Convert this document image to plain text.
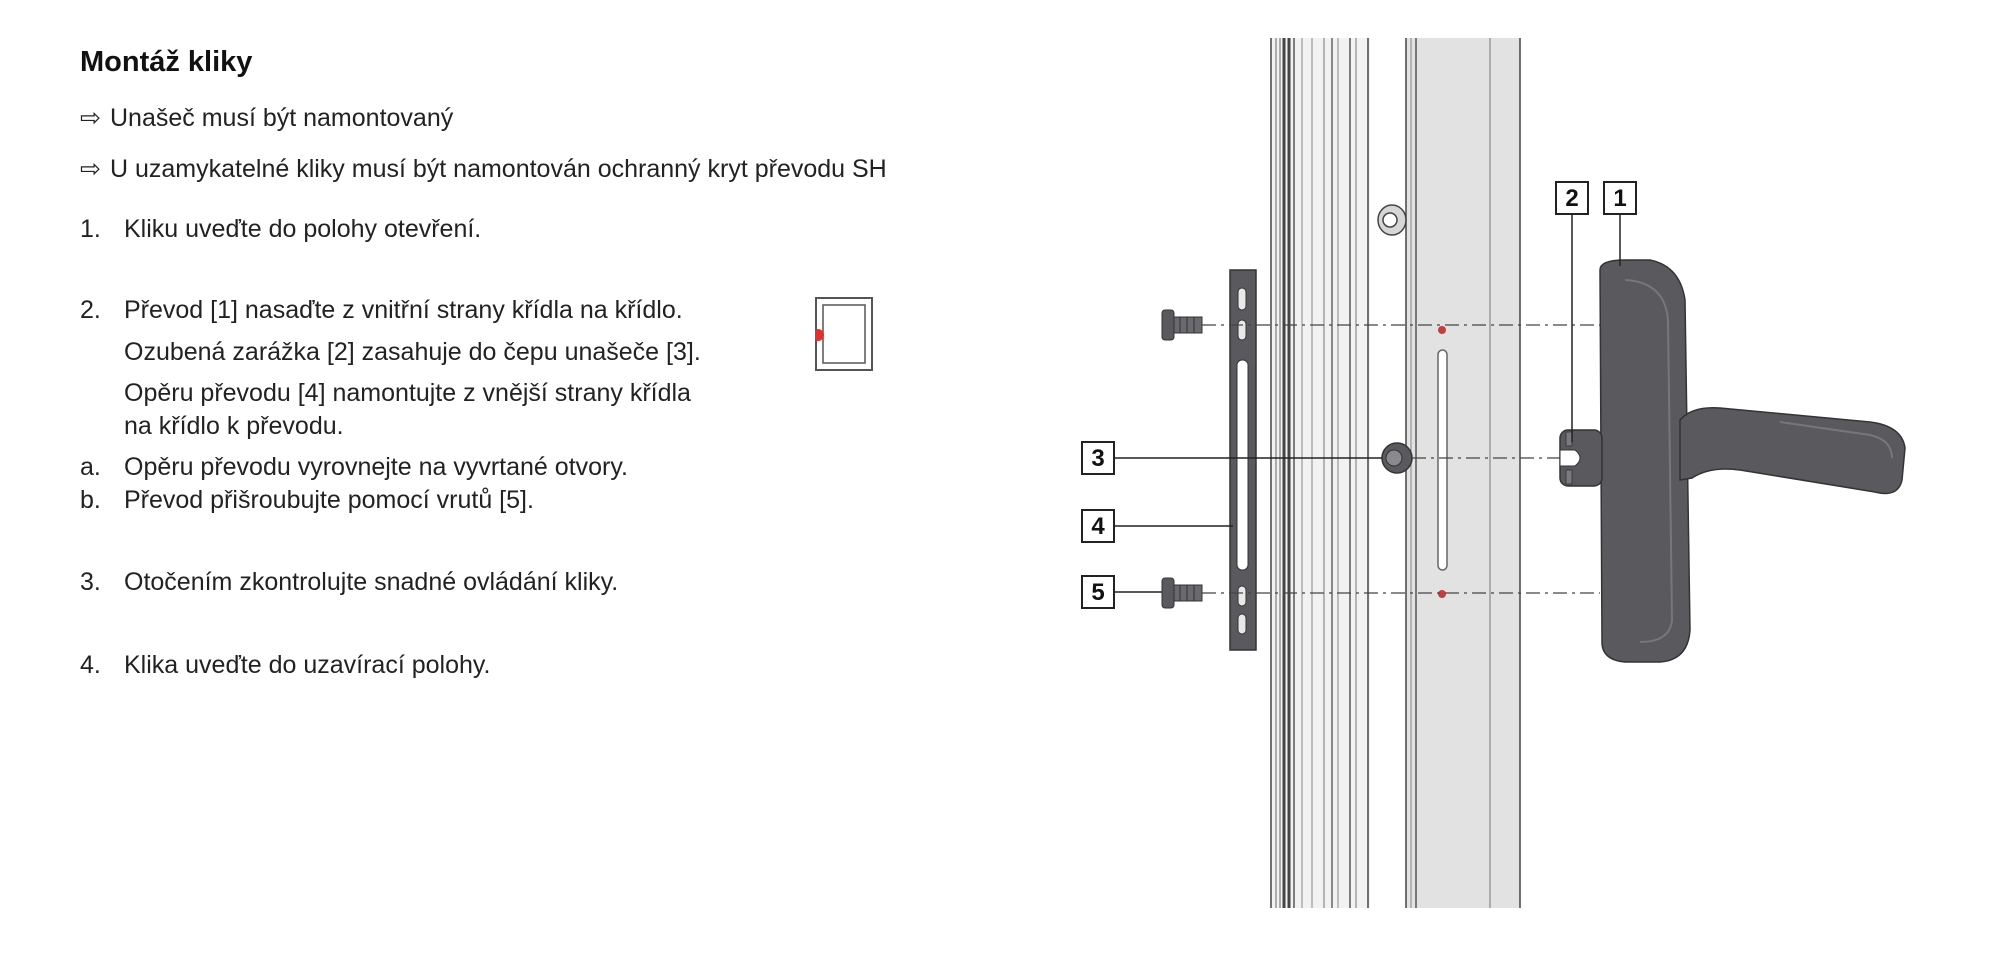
Montáž kliky
⇨ Unašeč musí být namontovaný
⇨ U uzamykatelné kliky musí být namontován ochranný kryt převodu SH
1. Kliku uveďte do polohy otevření.
2. Převod [1] nasaďte z vnitřní strany křídla na křídlo.
Ozubená zarážka [2] zasahuje do čepu unašeče [3].
Opěru převodu [4] namontujte z vnější strany křídla
na křídlo k převodu.
a. Opěru převodu vyrovnejte na vyvrtané otvory.
b. Převod přišroubujte pomocí vrutů [5].
3. Otočením zkontrolujte snadné ovládání kliky.
4. Klika uveďte do uzavírací polohy.
2 1
3
4
5
